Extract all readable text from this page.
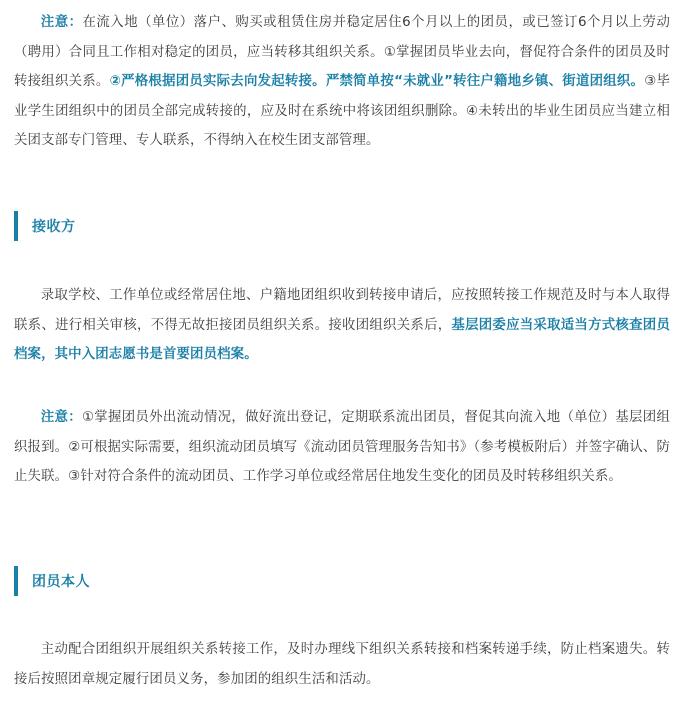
注意：在流入地（单位）落户、购买或租赁住房并稳定居住6个月以上的团员，或已签订6个月以上劳动（聘用）合同且工作相对稳定的团员，应当转移其组织关系。①掌握团员毕业去向，督促符合条件的团员及时转接组织关系。②严格根据团员实际去向发起转接。严禁简单按“未就业”转往户籍地乡镇、街道团组织。③毕业学生团组织中的团员全部完成转接的，应及时在系统中将该团组织删除。④未转出的毕业生团员应当建立相关团支部专门管理、专人联系，不得纳入在校生团支部管理。

接收方

录取学校、工作单位或经常居住地、户籍地团组织收到转接申请后，应按照转接工作规范及时与本人取得联系、进行相关审核，不得无故拒接团员组织关系。接收团组织关系后，基层团委应当采取适当方式核查团员档案，其中入团志愿书是首要团员档案。

注意：①掌握团员外出流动情况，做好流出登记，定期联系流出团员，督促其向流入地（单位）基层团组织报到。②可根据实际需要，组织流动团员填写《流动团员管理服务告知书》（参考模板附后）并签字确认、防止失联。③针对符合条件的流动团员、工作学习单位或经常居住地发生变化的团员及时转移组织关系。

团员本人

主动配合团组织开展组织关系转接工作，及时办理线下组织关系转接和档案转递手续，防止档案遗失。转接后按照团章规定履行团员义务，参加团的组织生活和活动。
